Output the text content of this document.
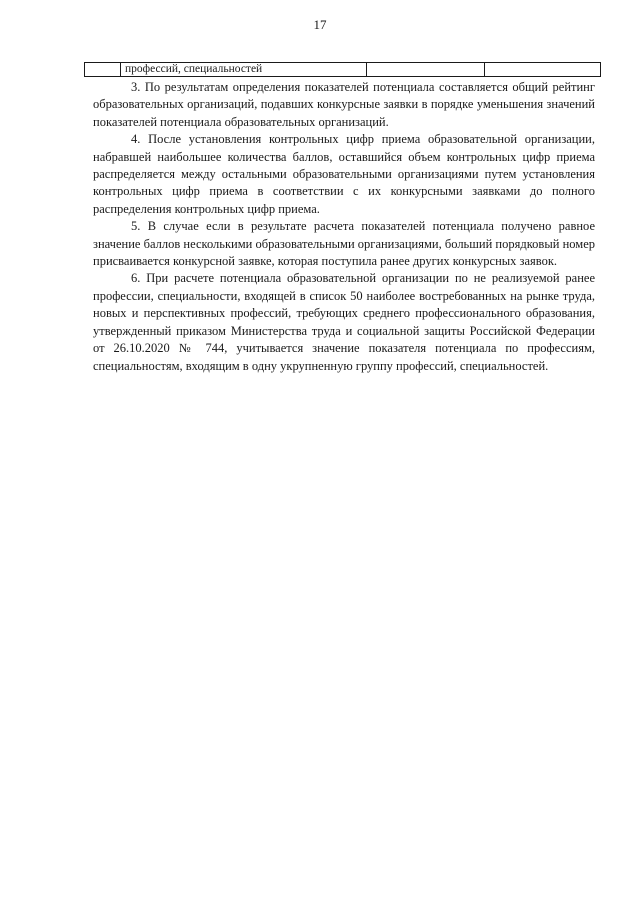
17
	профессий, специальностей			

3. По результатам определения показателей потенциала составляется общий рейтинг образовательных организаций, подавших конкурсные заявки в порядке уменьшения значений показателей потенциала образовательных организаций.

4. После установления контрольных цифр приема образовательной организации, набравшей наибольшее количества баллов, оставшийся объем контрольных цифр приема распределяется между остальными образовательными организациями путем установления контрольных цифр приема в соответствии с их конкурсными заявками до полного распределения контрольных цифр приема.

5. В случае если в результате расчета показателей потенциала получено равное значение баллов несколькими образовательными организациями, больший порядковый номер присваивается конкурсной заявке, которая поступила ранее других конкурсных заявок.

6. При расчете потенциала образовательной организации по не реализуемой ранее профессии, специальности, входящей в список 50 наиболее востребованных на рынке труда, новых и перспективных профессий, требующих среднего профессионального образования, утвержденный приказом Министерства труда и социальной защиты Российской Федерации от 26.10.2020 № 744, учитывается значение показателя потенциала по профессиям, специальностям, входящим в одну укрупненную группу профессий, специальностей.
